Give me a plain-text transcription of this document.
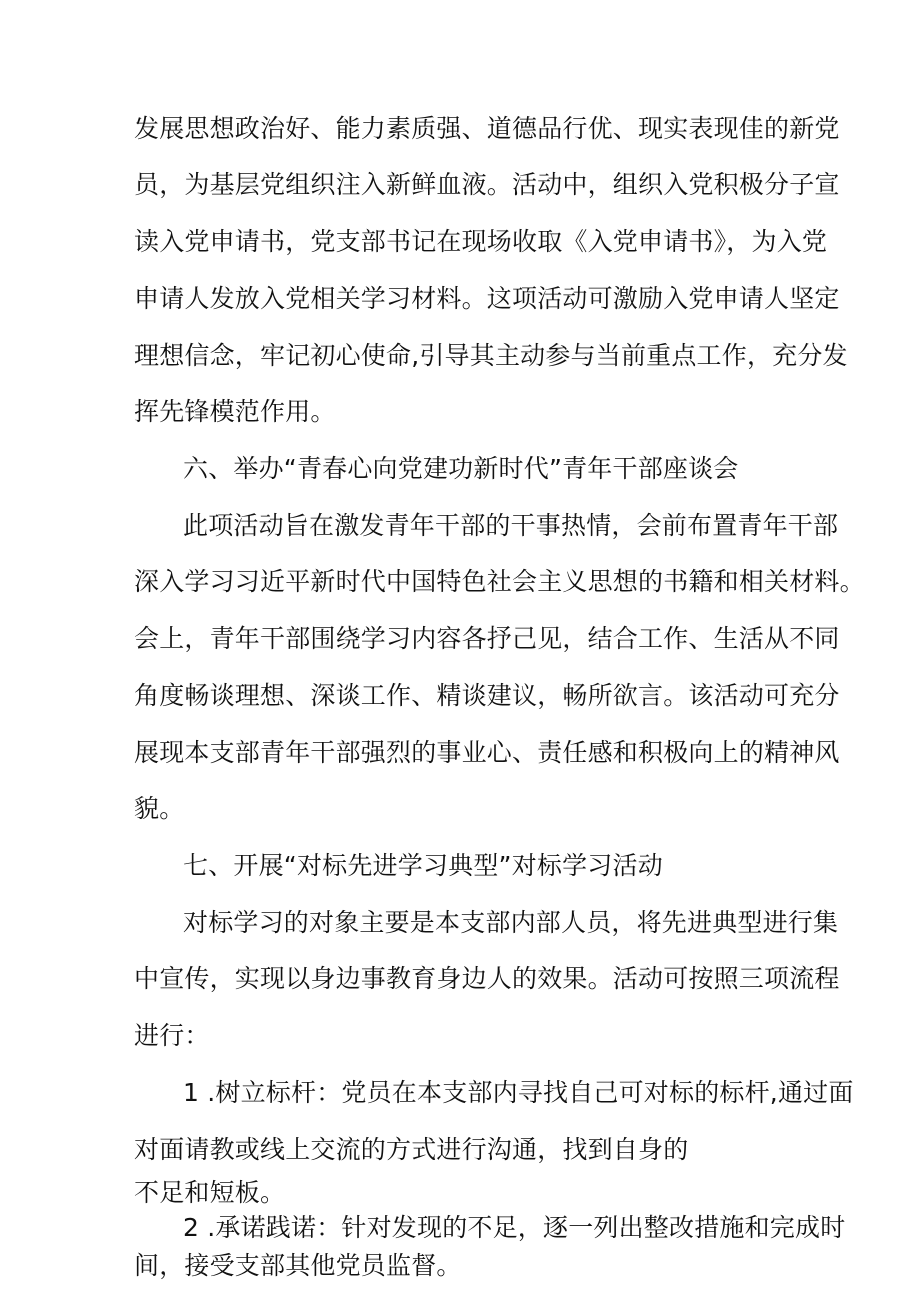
发展思想政治好、能力素质强、道德品行优、现实表现佳的新党

员，为基层党组织注入新鲜血液。活动中，组织入党积极分子宣

读入党申请书，党支部书记在现场收取《入党申请书》，为入党

申请人发放入党相关学习材料。这项活动可激励入党申请人坚定

理想信念，牢记初心使命,引导其主动参与当前重点工作，充分发

挥先锋模范作用。

六、举办“青春心向党建功新时代”青年干部座谈会

此项活动旨在激发青年干部的干事热情，会前布置青年干部

深入学习习近平新时代中国特色社会主义思想的书籍和相关材料。

会上，青年干部围绕学习内容各抒己见，结合工作、生活从不同

角度畅谈理想、深谈工作、精谈建议，畅所欲言。该活动可充分

展现本支部青年干部强烈的事业心、责任感和积极向上的精神风

貌。

七、开展“对标先进学习典型”对标学习活动

对标学习的对象主要是本支部内部人员，将先进典型进行集

中宣传，实现以身边事教育身边人的效果。活动可按照三项流程

进行：

1 .树立标杆：党员在本支部内寻找自己可对标的标杆,通过面

对面请教或线上交流的方式进行沟通，找到自身的

不足和短板。

2 .承诺践诺：针对发现的不足，逐一列出整改措施和完成时

间，接受支部其他党员监督。
